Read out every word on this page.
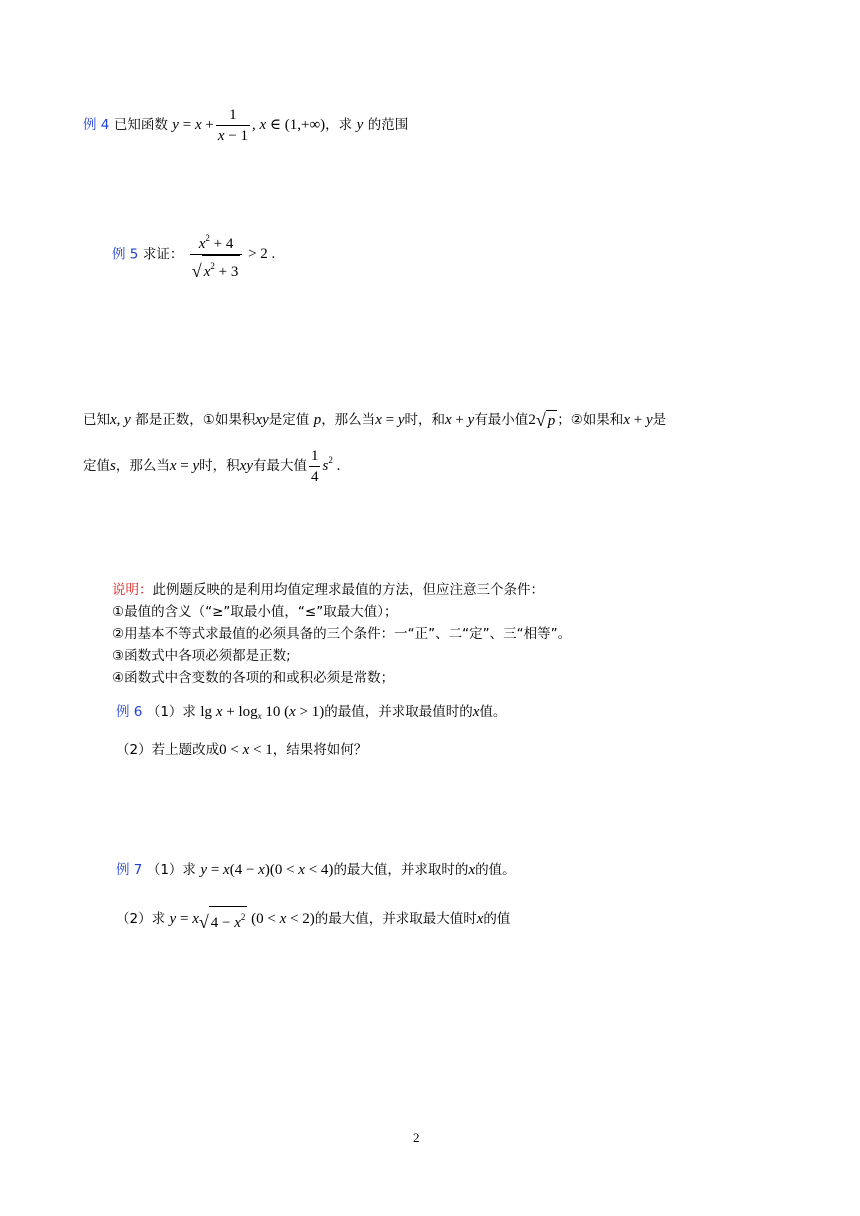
例 4 已知函数 $y = x + \frac{1}{x - 1}$ , x ∈ (1,+∞)，求 y 的范围
例 5 求证： $\frac{x^2 + 4}{√ x^2 + 3} > 2$ .
已知x, y 都是正数，①如果积xy是定值 p，那么当x = y时，和x + y有最小值2√ p ；②如果和x + y是
定值s，那么当x = y时，积xy有最大值 $\frac{1}{4} s^2$ .
说明：此例题反映的是利用均值定理求最值的方法，但应注意三个条件：
①最值的含义（“≥”取最小值，“≤”取最大值）；
②用基本不等式求最值的必须具备的三个条件：一“正”、二“定”、三“相等”。
③函数式中各项必须都是正数;
④函数式中含变数的各项的和或积必须是常数；
例 6 （1）求 $\lg x + \log_x 10$ (x > 1)的最值，并求取最值时的x值。
（2）若上题改成0 < x < 1，结果将如何？
例 7 （1）求 y = x(4 − x)(0 < x < 4)的最大值，并求取时的x的值。
（2）求 y = x√ $4 - x^2$ (0 < x < 2)的最大值，并求取最大值时x的值
2
